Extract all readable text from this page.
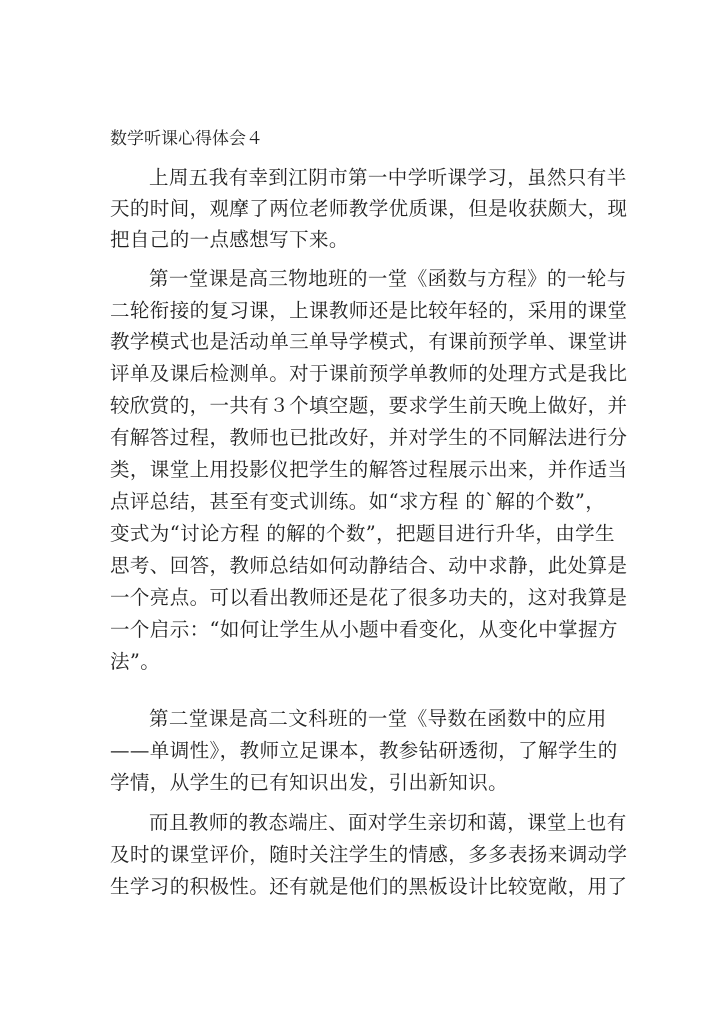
数学听课心得体会４
上周五我有幸到江阴市第一中学听课学习，虽然只有半
天的时间，观摩了两位老师教学优质课，但是收获颇大，现
把自己的一点感想写下来。
第一堂课是高三物地班的一堂《函数与方程》的一轮与
二轮衔接的复习课，上课教师还是比较年轻的，采用的课堂
教学模式也是活动单三单导学模式，有课前预学单、课堂讲
评单及课后检测单。对于课前预学单教师的处理方式是我比
较欣赏的，一共有３个填空题，要求学生前天晚上做好，并
有解答过程，教师也已批改好，并对学生的不同解法进行分
类，课堂上用投影仪把学生的解答过程展示出来，并作适当
点评总结，甚至有变式训练。如“求方程 的`解的个数”，
变式为“讨论方程 的解的个数”，把题目进行升华，由学生
思考、回答，教师总结如何动静结合、动中求静，此处算是
一个亮点。可以看出教师还是花了很多功夫的，这对我算是
一个启示：“如何让学生从小题中看变化，从变化中掌握方
法”。
第二堂课是高二文科班的一堂《导数在函数中的应用
——单调性》，教师立足课本，教参钻研透彻，了解学生的
学情，从学生的已有知识出发，引出新知识。
而且教师的教态端庄、面对学生亲切和蔼，课堂上也有
及时的课堂评价，随时关注学生的情感，多多表扬来调动学
生学习的积极性。还有就是他们的黑板设计比较宽敞，用了
